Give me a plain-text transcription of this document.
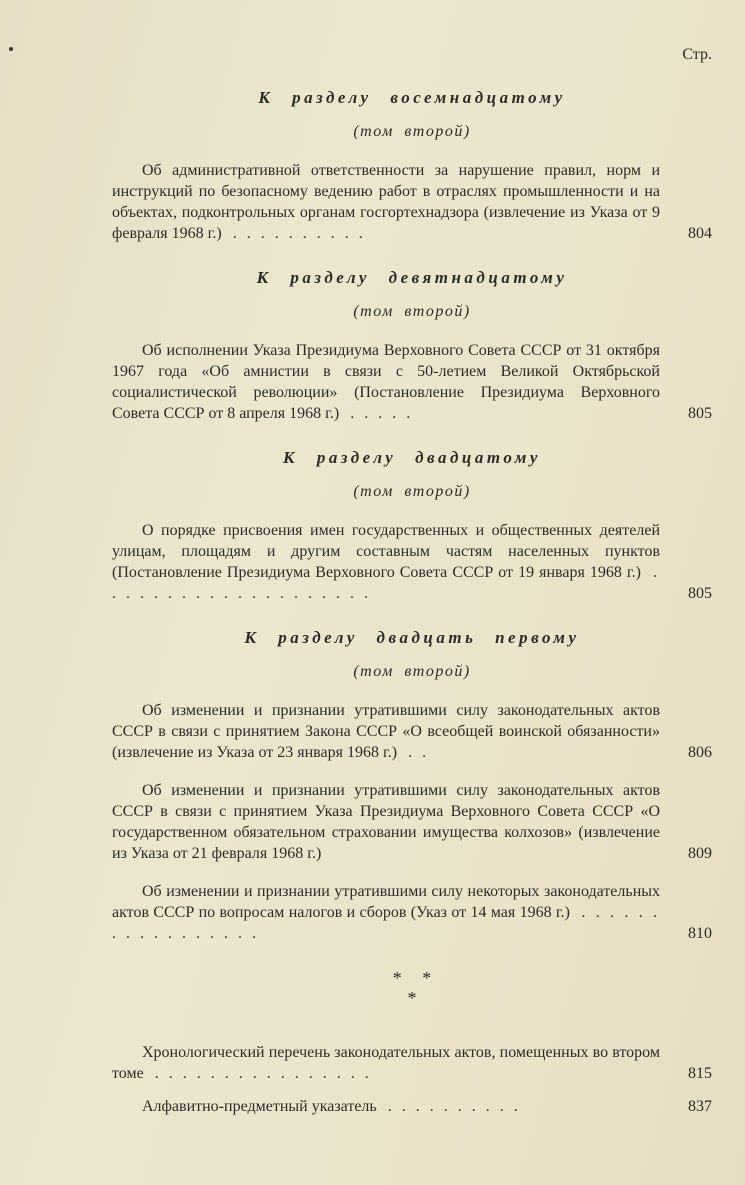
Стр.

К разделу восемнадцатому

(том второй)

Об административной ответственности за нарушение правил, норм и инструкций по безопасному ведению работ в отраслях промышленности и на объектах, подконтрольных органам госгортехнадзора (извлечение из Указа от 9 февраля 1968 г.) . . . . . . . . . .	804

К разделу девятнадцатому

(том второй)

Об исполнении Указа Президиума Верховного Совета СССР от 31 октября 1967 года «Об амнистии в связи с 50-летием Великой Октябрьской социалистической революции» (Постановление Президиума Верховного Совета СССР от 8 апреля 1968 г.) . . . . .	805

К разделу двадцатому

(том второй)

О порядке присвоения имен государственных и общественных деятелей улицам, площадям и другим составным частям населенных пунктов (Постановление Президиума Верховного Совета СССР от 19 января 1968 г.) . . . . . . . . . . . . . . . . . . . .	805

К разделу двадцать первому

(том второй)

Об изменении и признании утратившими силу законодательных актов СССР в связи с принятием Закона СССР «О всеобщей воинской обязанности» (извлечение из Указа от 23 января 1968 г.) . .	806

Об изменении и признании утратившими силу законодательных актов СССР в связи с принятием Указа Президиума Верховного Совета СССР «О государственном обязательном страховании имущества колхозов» (извлечение из Указа от 21 февраля 1968 г.)	809

Об изменении и признании утратившими силу некоторых законодательных актов СССР по вопросам налогов и сборов (Указ от 14 мая 1968 г.) . . . . . . . . . . . . . . . . .	810

* *

*

Хронологический перечень законодательных актов, помещенных во втором томе . . . . . . . . . . . . . . . .	815

Алфавитно-предметный указатель . . . . . . . . . .	837
